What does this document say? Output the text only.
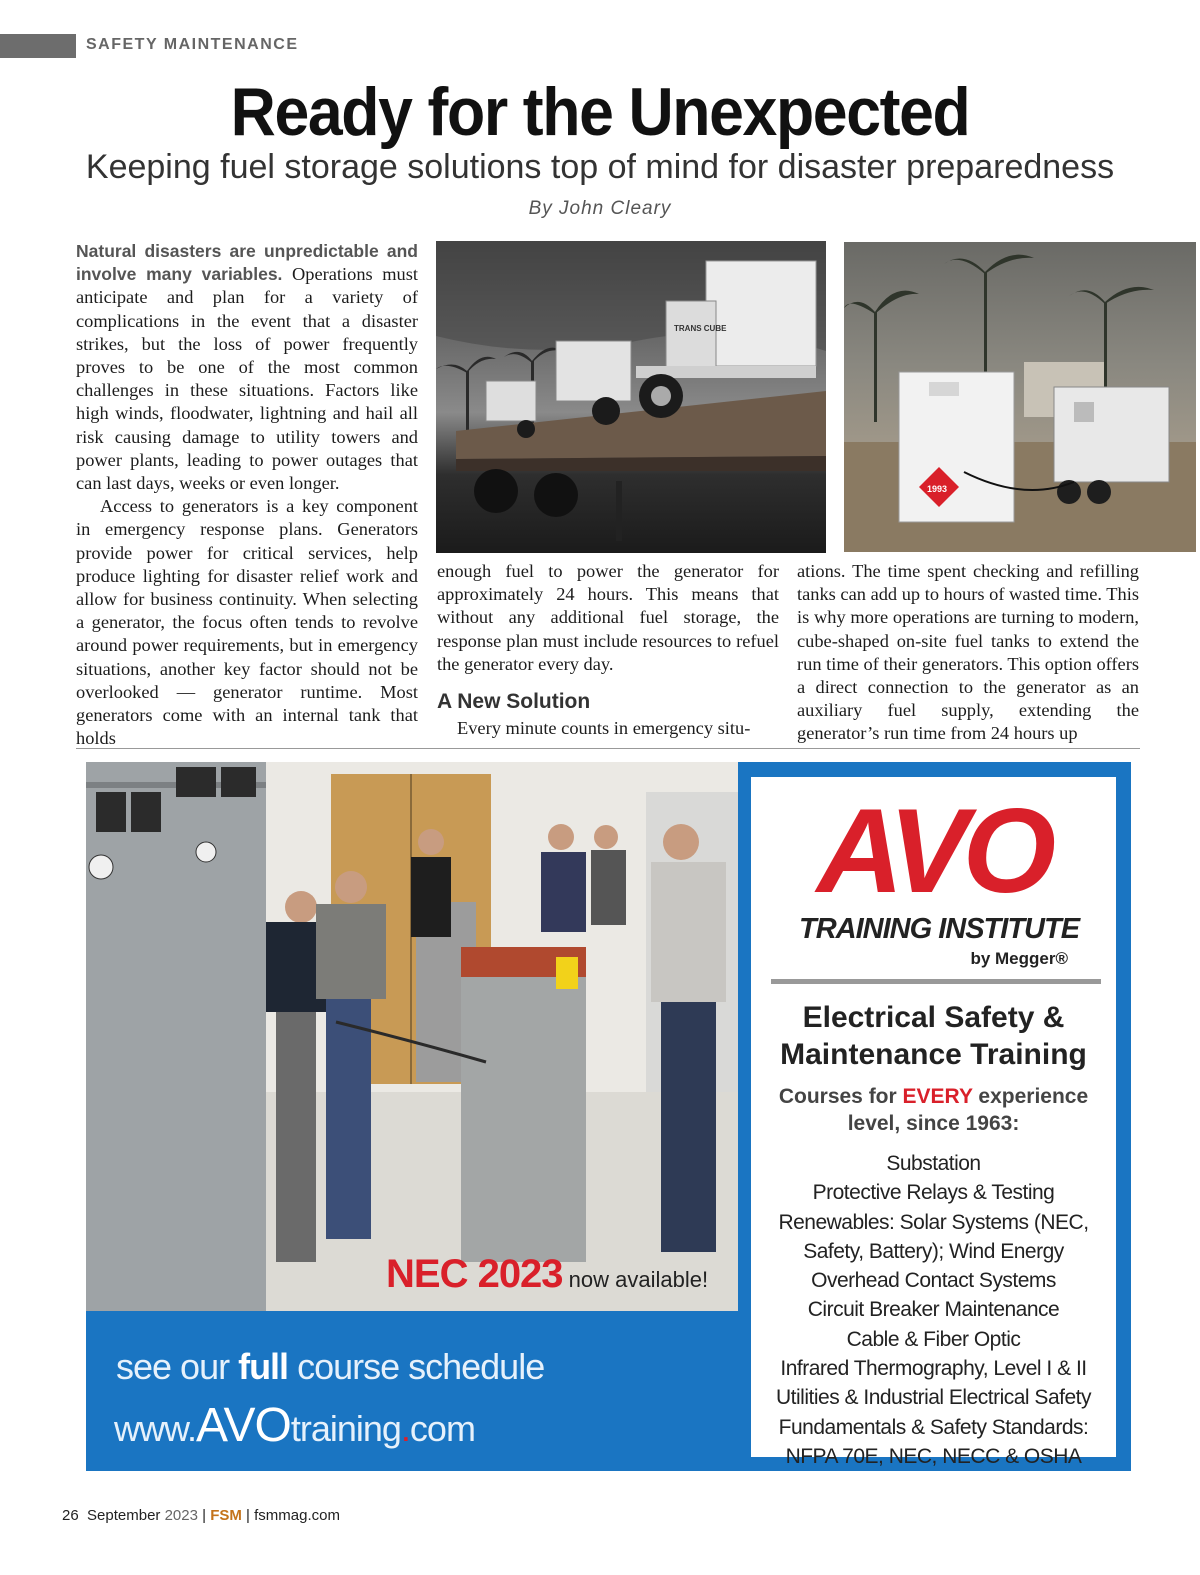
SAFETY MAINTENANCE
Ready for the Unexpected
Keeping fuel storage solutions top of mind for disaster preparedness
By John Cleary

Natural disasters are unpredictable and involve many variables. Operations must anticipate and plan for a variety of complications in the event that a disaster strikes, but the loss of power frequently proves to be one of the most common challenges in these situations. Factors like high winds, floodwater, lightning and hail all risk causing damage to utility towers and power plants, leading to power outages that can last days, weeks or even longer.

Access to generators is a key component in emergency response plans. Generators provide power for critical services, help produce lighting for disaster relief work and allow for business continuity. When selecting a generator, the focus often tends to revolve around power requirements, but in emergency situations, another key factor should not be overlooked — generator runtime. Most generators come with an internal tank that holds

TRANS CUBE
1993

enough fuel to power the generator for approximately 24 hours. This means that without any additional fuel storage, the response plan must include resources to refuel the generator every day.

A New Solution

Every minute counts in emergency situ-

ations. The time spent checking and refilling tanks can add up to hours of wasted time. This is why more operations are turning to modern, cube-shaped on-site fuel tanks to extend the run time of their generators. This option offers a direct connection to the generator as an auxiliary fuel supply, extending the generator’s run time from 24 hours up

NEC 2023 now available!
see our full course schedule
www.AVOtraining.com
AVO
TRAINING INSTITUTE
by Megger®
Electrical Safety &
Maintenance Training
Courses for EVERY experience
level, since 1963:
Substation
Protective Relays & Testing
Renewables: Solar Systems (NEC,
Safety, Battery); Wind Energy
Overhead Contact Systems
Circuit Breaker Maintenance
Cable & Fiber Optic
Infrared Thermography, Level I & II
Utilities & Industrial Electrical Safety
Fundamentals & Safety Standards:
NFPA 70E, NEC, NECC & OSHA
26 September 2023 | FSM | fsmmag.com
